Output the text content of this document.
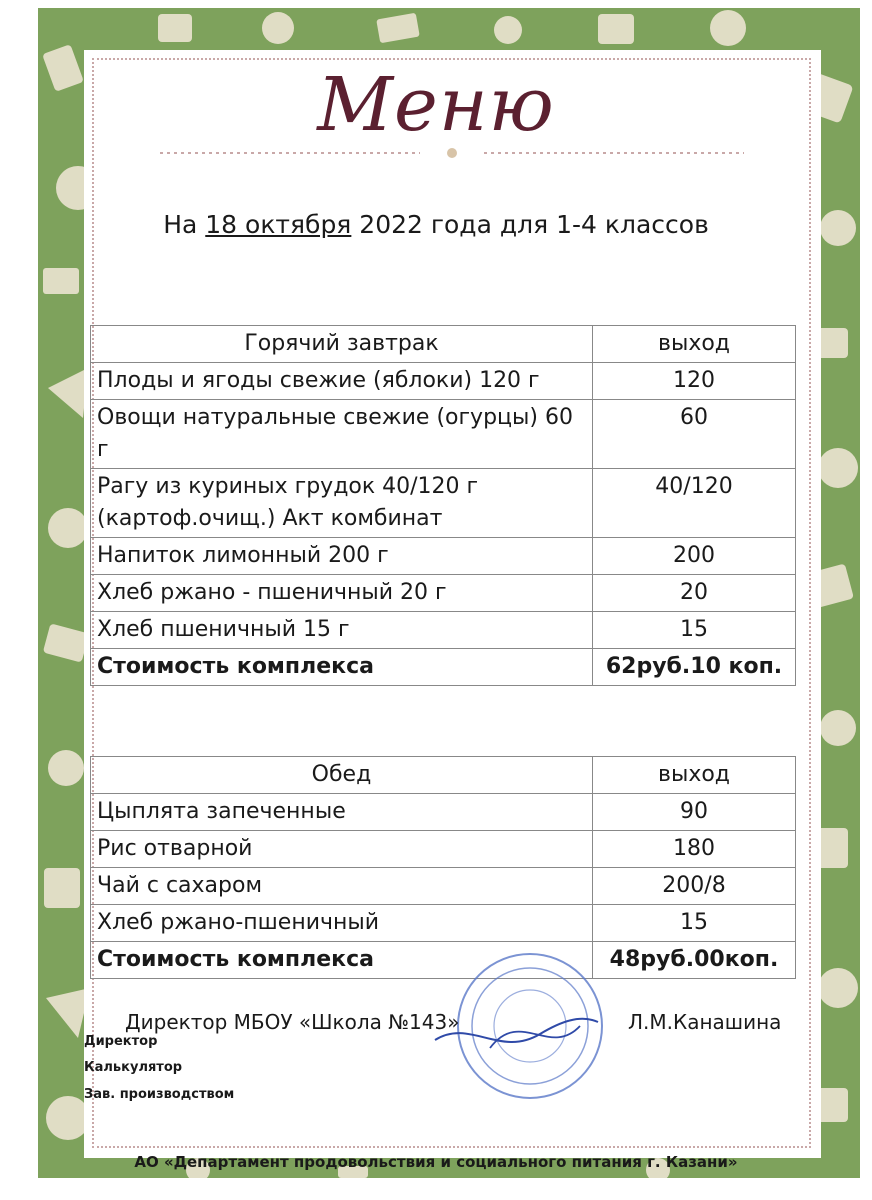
Меню
На 18 октября 2022 года для 1-4 классов
Горячий завтрак	выход
Плоды и ягоды свежие (яблоки) 120 г	120
Овощи натуральные свежие (огурцы) 60 г	60
Рагу из куриных грудок 40/120 г (картоф.очищ.) Акт комбинат	40/120
Напиток лимонный 200 г	200
Хлеб ржано - пшеничный 20 г	20
Хлеб пшеничный 15 г	15
Стоимость комплекса	62руб.10 коп.
Обед	выход
Цыплята запеченные	90
Рис отварной	180
Чай с сахаром	200/8
Хлеб ржано-пшеничный	15
Стоимость комплекса	48руб.00коп.
Директор МБОУ «Школа №143»	Л.М.Канашина
Директор
Калькулятор
Зав. производством
АО «Департамент продовольствия и социального питания г. Казани»
